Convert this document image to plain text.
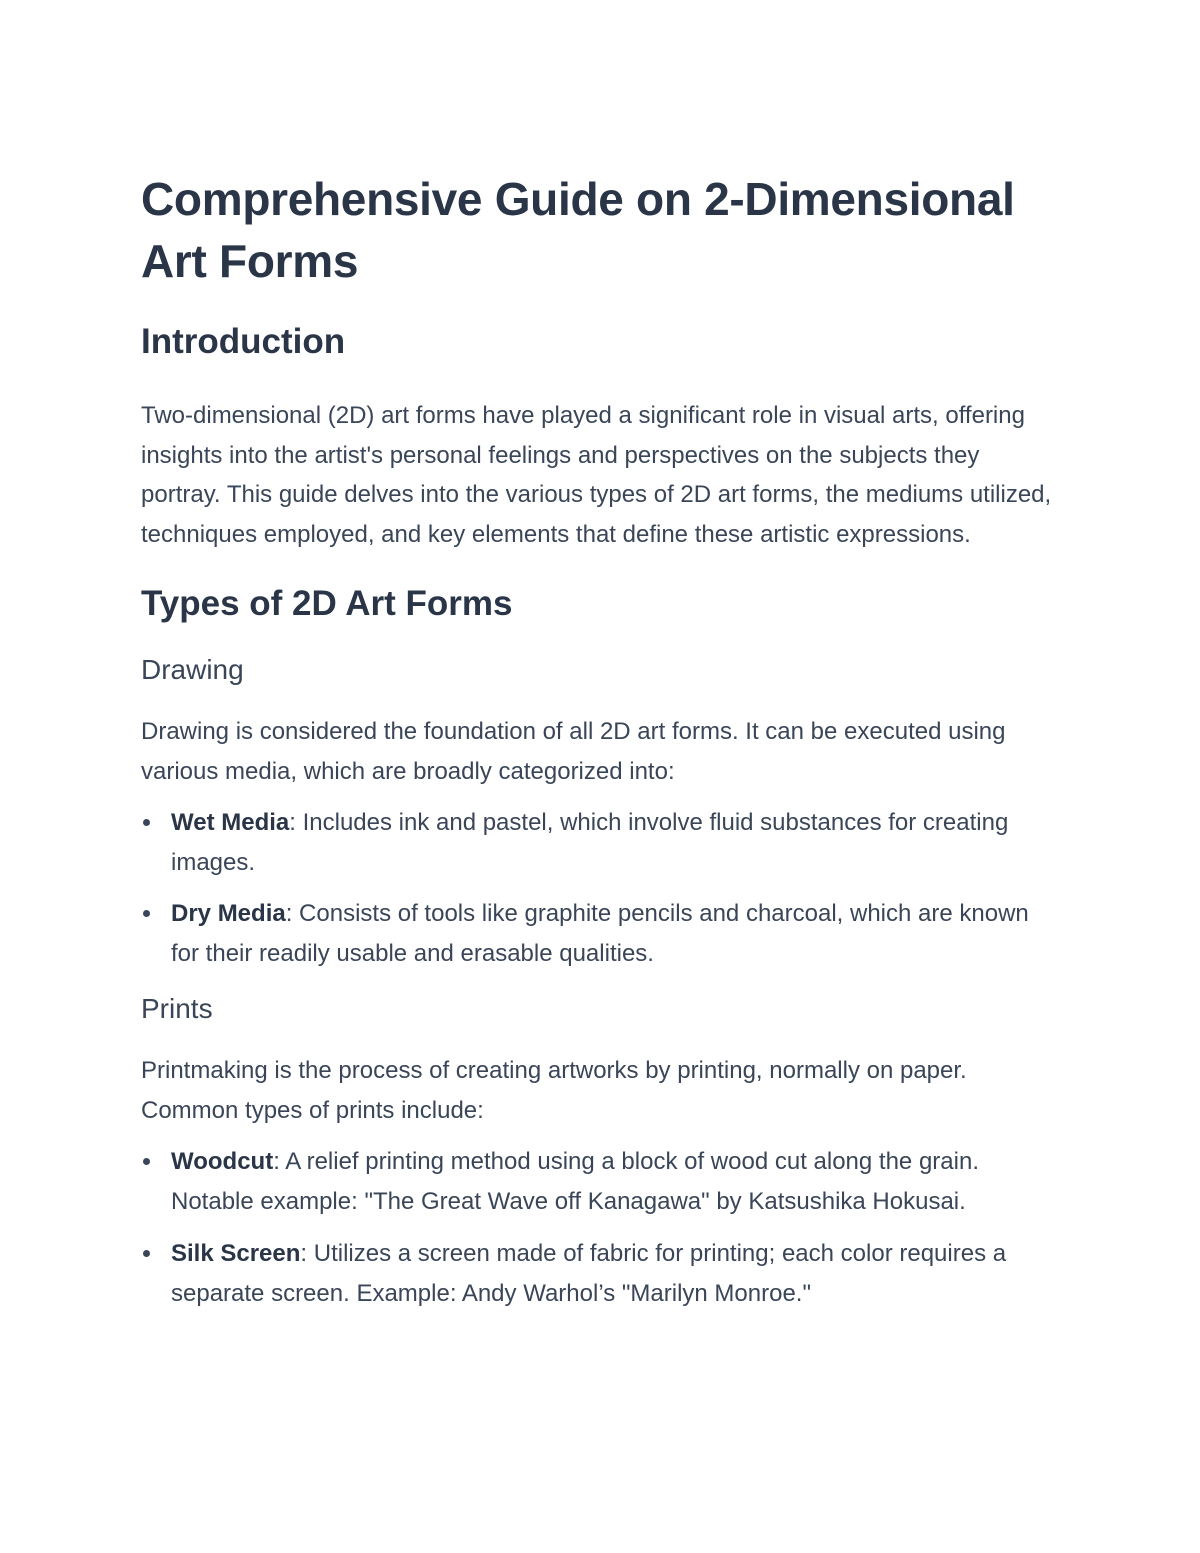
Comprehensive Guide on 2-Dimensional Art Forms
Introduction

Two-dimensional (2D) art forms have played a significant role in visual arts, offering insights into the artist's personal feelings and perspectives on the subjects they portray. This guide delves into the various types of 2D art forms, the mediums utilized, techniques employed, and key elements that define these artistic expressions.

Types of 2D Art Forms
Drawing

Drawing is considered the foundation of all 2D art forms. It can be executed using various media, which are broadly categorized into:

Wet Media: Includes ink and pastel, which involve fluid substances for creating images.
Dry Media: Consists of tools like graphite pencils and charcoal, which are known for their readily usable and erasable qualities.
Prints

Printmaking is the process of creating artworks by printing, normally on paper. Common types of prints include:

Woodcut: A relief printing method using a block of wood cut along the grain. Notable example: "The Great Wave off Kanagawa" by Katsushika Hokusai.
Silk Screen: Utilizes a screen made of fabric for printing; each color requires a separate screen. Example: Andy Warhol’s "Marilyn Monroe."
